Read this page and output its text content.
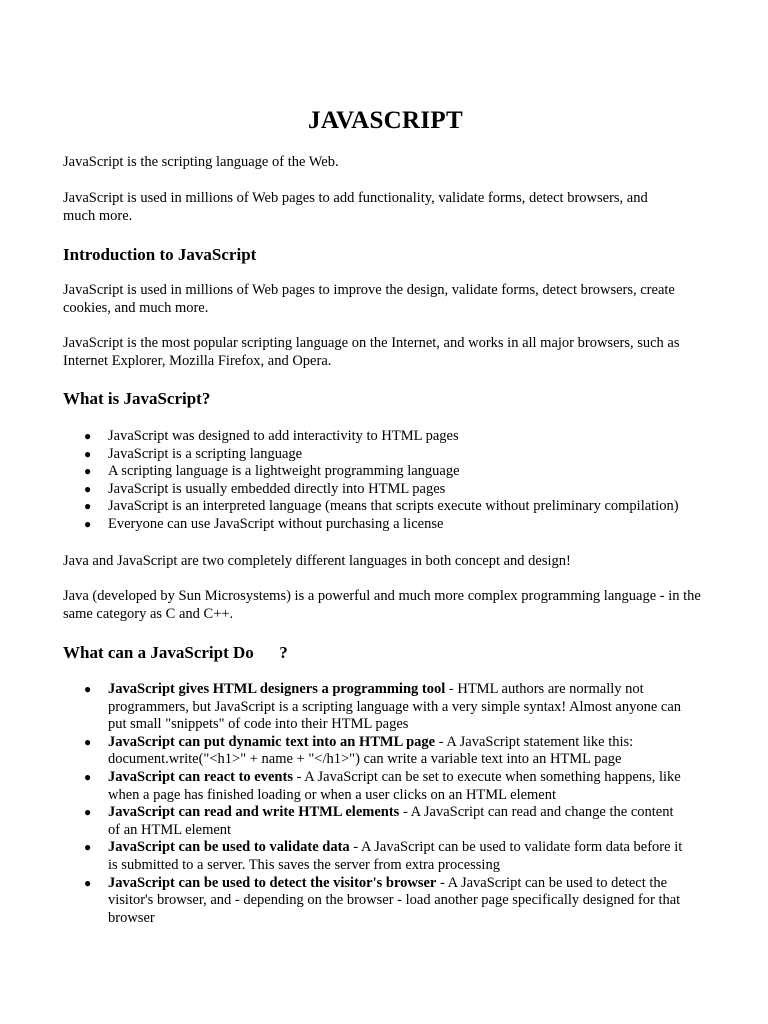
JAVASCRIPT

JavaScript is the scripting language of the Web.

JavaScript is used in millions of Web pages to add functionality, validate forms, detect browsers, and much more.

Introduction to JavaScript

JavaScript is used in millions of Web pages to improve the design, validate forms, detect browsers, create cookies, and much more.

JavaScript is the most popular scripting language on the Internet, and works in all major browsers, such as Internet Explorer, Mozilla Firefox, and Opera.

What is JavaScript?
● JavaScript was designed to add interactivity to HTML pages
● JavaScript is a scripting language
● A scripting language is a lightweight programming language
● JavaScript is usually embedded directly into HTML pages
● JavaScript is an interpreted language (means that scripts execute without preliminary compilation)
● Everyone can use JavaScript without purchasing a license

Java and JavaScript are two completely different languages in both concept and design!

Java (developed by Sun Microsystems) is a powerful and much more complex programming language - in the same category as C and C++.

What can a JavaScript Do      ?
● JavaScript gives HTML designers a programming tool - HTML authors are normally not programmers, but JavaScript is a scripting language with a very simple syntax! Almost anyone can put small "snippets" of code into their HTML pages
● JavaScript can put dynamic text into an HTML page - A JavaScript statement like this: document.write("<h1>" + name + "</h1>") can write a variable text into an HTML page
● JavaScript can react to events - A JavaScript can be set to execute when something happens, like when a page has finished loading or when a user clicks on an HTML element
● JavaScript can read and write HTML elements - A JavaScript can read and change the content of an HTML element
● JavaScript can be used to validate data - A JavaScript can be used to validate form data before it is submitted to a server. This saves the server from extra processing
● JavaScript can be used to detect the visitor's browser - A JavaScript can be used to detect the visitor's browser, and - depending on the browser - load another page specifically designed for that browser
